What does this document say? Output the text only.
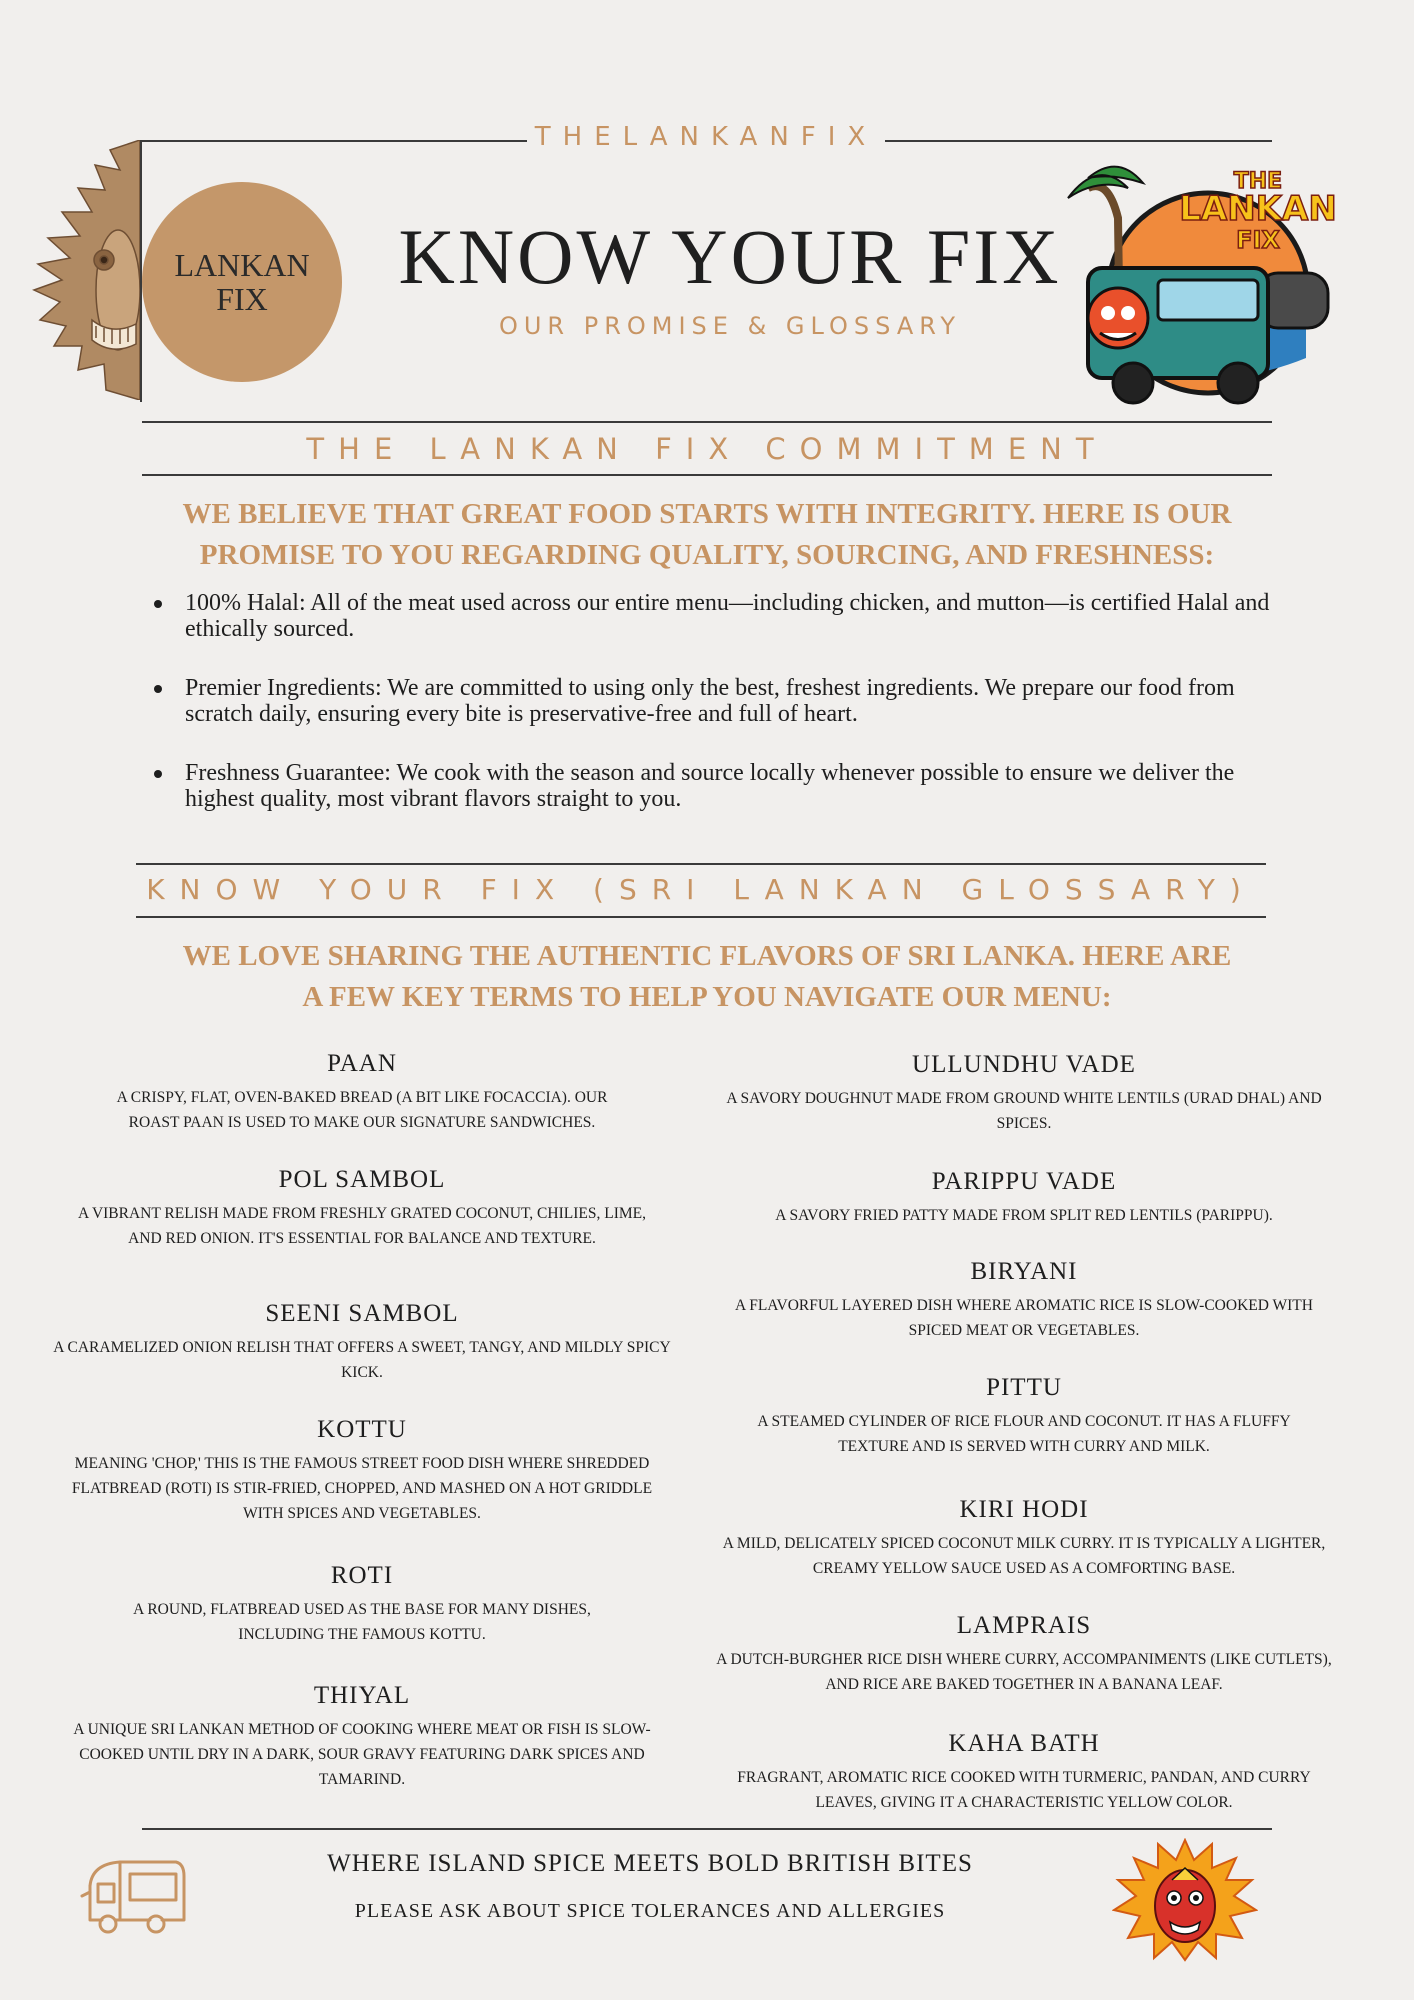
THELANKANFIX
LANKAN
FIX	KNOW YOUR FIX
OUR PROMISE & GLOSSARY
THE
LANKAN
FIX
THE LANKAN FIX COMMITMENT
WE BELIEVE THAT GREAT FOOD STARTS WITH INTEGRITY. HERE IS OUR
PROMISE TO YOU REGARDING QUALITY, SOURCING, AND FRESHNESS:
100% Halal: All of the meat used across our entire menu—including chicken, and mutton—is certified Halal and ethically sourced.
Premier Ingredients: We are committed to using only the best, freshest ingredients. We prepare our food from scratch daily, ensuring every bite is preservative-free and full of heart.
Freshness Guarantee: We cook with the season and source locally whenever possible to ensure we deliver the highest quality, most vibrant flavors straight to you.
KNOW YOUR FIX (SRI LANKAN GLOSSARY)
WE LOVE SHARING THE AUTHENTIC FLAVORS OF SRI LANKA. HERE ARE
A FEW KEY TERMS TO HELP YOU NAVIGATE OUR MENU:
PAAN
A CRISPY, FLAT, OVEN-BAKED BREAD (A BIT LIKE FOCACCIA). OUR ROAST PAAN IS USED TO MAKE OUR SIGNATURE SANDWICHES.
POL SAMBOL
A VIBRANT RELISH MADE FROM FRESHLY GRATED COCONUT, CHILIES, LIME, AND RED ONION. IT'S ESSENTIAL FOR BALANCE AND TEXTURE.
SEENI SAMBOL
A CARAMELIZED ONION RELISH THAT OFFERS A SWEET, TANGY, AND MILDLY SPICY KICK.
KOTTU
MEANING 'CHOP,' THIS IS THE FAMOUS STREET FOOD DISH WHERE SHREDDED FLATBREAD (ROTI) IS STIR-FRIED, CHOPPED, AND MASHED ON A HOT GRIDDLE WITH SPICES AND VEGETABLES.
ROTI
A ROUND, FLATBREAD USED AS THE BASE FOR MANY DISHES, INCLUDING THE FAMOUS KOTTU.
THIYAL
A UNIQUE SRI LANKAN METHOD OF COOKING WHERE MEAT OR FISH IS SLOW-COOKED UNTIL DRY IN A DARK, SOUR GRAVY FEATURING DARK SPICES AND TAMARIND.
ULLUNDHU VADE
A SAVORY DOUGHNUT MADE FROM GROUND WHITE LENTILS (URAD DHAL) AND SPICES.
PARIPPU VADE
A SAVORY FRIED PATTY MADE FROM SPLIT RED LENTILS (PARIPPU).
BIRYANI
A FLAVORFUL LAYERED DISH WHERE AROMATIC RICE IS SLOW-COOKED WITH SPICED MEAT OR VEGETABLES.
PITTU
A STEAMED CYLINDER OF RICE FLOUR AND COCONUT. IT HAS A FLUFFY TEXTURE AND IS SERVED WITH CURRY AND MILK.
KIRI HODI
A MILD, DELICATELY SPICED COCONUT MILK CURRY. IT IS TYPICALLY A LIGHTER, CREAMY YELLOW SAUCE USED AS A COMFORTING BASE.
LAMPRAIS
A DUTCH-BURGHER RICE DISH WHERE CURRY, ACCOMPANIMENTS (LIKE CUTLETS), AND RICE ARE BAKED TOGETHER IN A BANANA LEAF.
KAHA BATH
FRAGRANT, AROMATIC RICE COOKED WITH TURMERIC, PANDAN, AND CURRY LEAVES, GIVING IT A CHARACTERISTIC YELLOW COLOR.
WHERE ISLAND SPICE MEETS BOLD BRITISH BITES
PLEASE ASK ABOUT SPICE TOLERANCES AND ALLERGIES
